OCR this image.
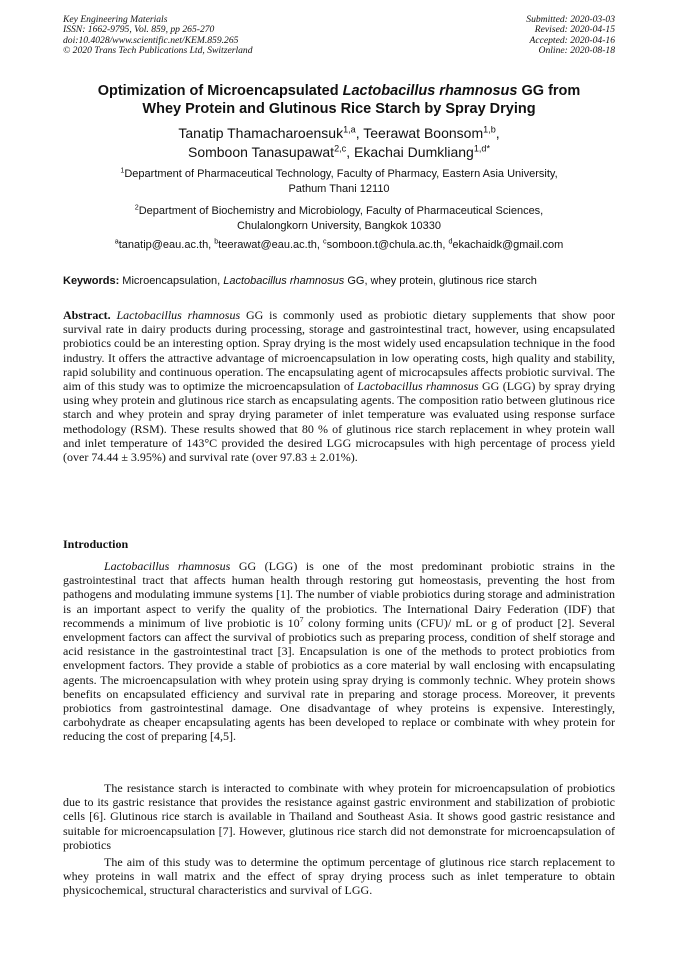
Key Engineering Materials
ISSN: 1662-9795, Vol. 859, pp 265-270
doi:10.4028/www.scientific.net/KEM.859.265
© 2020 Trans Tech Publications Ltd, Switzerland
Submitted: 2020-03-03
Revised: 2020-04-15
Accepted: 2020-04-16
Online: 2020-08-18
Optimization of Microencapsulated Lactobacillus rhamnosus GG from
Whey Protein and Glutinous Rice Starch by Spray Drying
Tanatip Thamacharoensuk$^{1,a}$, Teerawat Boonsom$^{1,b}$,
Somboon Tanasupawat$^{2,c}$, Ekachai Dumkliang$^{1,d*}$
$^1$Department of Pharmaceutical Technology, Faculty of Pharmacy, Eastern Asia University,
Pathum Thani 12110
$^2$Department of Biochemistry and Microbiology, Faculty of Pharmaceutical Sciences,
Chulalongkorn University, Bangkok 10330
$^a$tanatip@eau.ac.th, $^b$teerawat@eau.ac.th, $^c$somboon.t@chula.ac.th, $^d$ekachaidk@gmail.com
Keywords: Microencapsulation, Lactobacillus rhamnosus GG, whey protein, glutinous rice starch
Abstract. Lactobacillus rhamnosus GG is commonly used as probiotic dietary supplements that show poor survival rate in dairy products during processing, storage and gastrointestinal tract, however, using encapsulated probiotics could be an interesting option. Spray drying is the most widely used encapsulation technique in the food industry. It offers the attractive advantage of microencapsulation in low operating costs, high quality and stability, rapid solubility and continuous operation. The encapsulating agent of microcapsules affects probiotic survival. The aim of this study was to optimize the microencapsulation of Lactobacillus rhamnosus GG (LGG) by spray drying using whey protein and glutinous rice starch as encapsulating agents. The composition ratio between glutinous rice starch and whey protein and spray drying parameter of inlet temperature was evaluated using response surface methodology (RSM). These results showed that 80 % of glutinous rice starch replacement in whey protein wall and inlet temperature of 143°C provided the desired LGG microcapsules with high percentage of process yield (over 74.44 ± 3.95%) and survival rate (over 97.83 ± 2.01%).
Introduction
Lactobacillus rhamnosus GG (LGG) is one of the most predominant probiotic strains in the gastrointestinal tract that affects human health through restoring gut homeostasis, preventing the host from pathogens and modulating immune systems [1]. The number of viable probiotics during storage and administration is an important aspect to verify the quality of the probiotics. The International Dairy Federation (IDF) that recommends a minimum of live probiotic is $10^7$ colony forming units (CFU)/ mL or g of product [2]. Several envelopment factors can affect the survival of probiotics such as preparing process, condition of shelf storage and acid resistance in the gastrointestinal tract [3]. Encapsulation is one of the methods to protect probiotics from envelopment factors. They provide a stable of probiotics as a core material by wall enclosing with encapsulating agents. The microencapsulation with whey protein using spray drying is commonly technic. Whey protein shows benefits on encapsulated efficiency and survival rate in preparing and storage process. Moreover, it prevents probiotics from gastrointestinal damage. One disadvantage of whey proteins is expensive. Interestingly, carbohydrate as cheaper encapsulating agents has been developed to replace or combinate with whey protein for reducing the cost of preparing [4,5].
The resistance starch is interacted to combinate with whey protein for microencapsulation of probiotics due to its gastric resistance that provides the resistance against gastric environment and stabilization of probiotic cells [6]. Glutinous rice starch is available in Thailand and Southeast Asia. It shows good gastric resistance and suitable for microencapsulation [7]. However, glutinous rice starch did not demonstrate for microencapsulation of probiotics
The aim of this study was to determine the optimum percentage of glutinous rice starch replacement to whey proteins in wall matrix and the effect of spray drying process such as inlet temperature to obtain physicochemical, structural characteristics and survival of LGG.
